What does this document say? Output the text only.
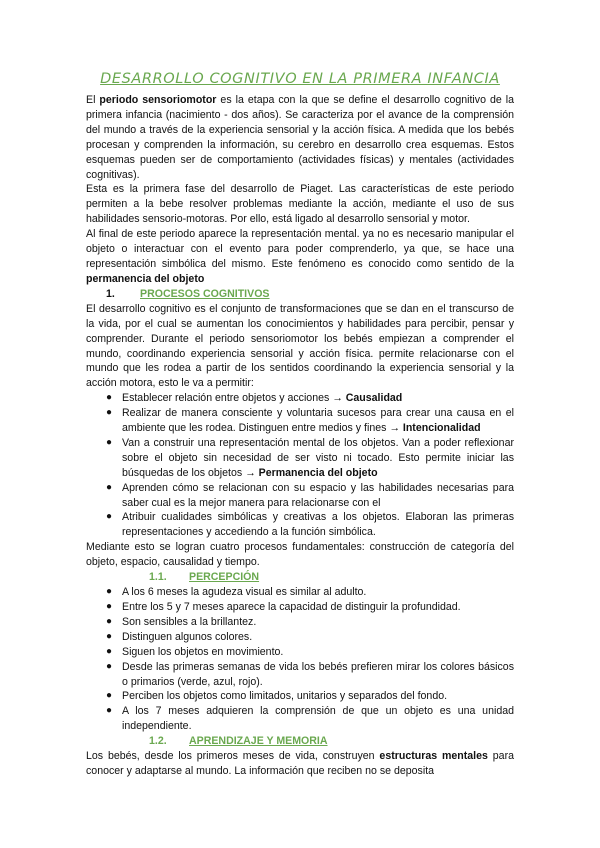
DESARROLLO COGNITIVO EN LA PRIMERA INFANCIA

El periodo sensoriomotor es la etapa con la que se define el desarrollo cognitivo de la primera infancia (nacimiento - dos años). Se caracteriza por el avance de la comprensión del mundo a través de la experiencia sensorial y la acción física. A medida que los bebés procesan y comprenden la información, su cerebro en desarrollo crea esquemas. Estos esquemas pueden ser de comportamiento (actividades físicas) y mentales (actividades cognitivas).

Esta es la primera fase del desarrollo de Piaget. Las características de este periodo permiten a la bebe resolver problemas mediante la acción, mediante el uso de sus habilidades sensorio-motoras. Por ello, está ligado al desarrollo sensorial y motor.

Al final de este periodo aparece la representación mental. ya no es necesario manipular el objeto o interactuar con el evento para poder comprenderlo, ya que, se hace una representación simbólica del mismo. Este fenómeno es conocido como sentido de la permanencia del objeto

1. PROCESOS COGNITIVOS

El desarrollo cognitivo es el conjunto de transformaciones que se dan en el transcurso de la vida, por el cual se aumentan los conocimientos y habilidades para percibir, pensar y comprender. Durante el periodo sensoriomotor los bebés empiezan a comprender el mundo, coordinando experiencia sensorial y acción física. permite relacionarse con el mundo que les rodea a partir de los sentidos coordinando la experiencia sensorial y la acción motora, esto le va a permitir:

● Establecer relación entre objetos y acciones → Causalidad
● Realizar de manera consciente y voluntaria sucesos para crear una causa en el ambiente que les rodea. Distinguen entre medios y fines → Intencionalidad
● Van a construir una representación mental de los objetos. Van a poder reflexionar sobre el objeto sin necesidad de ser visto ni tocado. Esto permite iniciar las búsquedas de los objetos → Permanencia del objeto
● Aprenden cómo se relacionan con su espacio y las habilidades necesarias para saber cual es la mejor manera para relacionarse con el
● Atribuir cualidades simbólicas y creativas a los objetos. Elaboran las primeras representaciones y accediendo a la función simbólica.

Mediante esto se logran cuatro procesos fundamentales: construcción de categoría del objeto, espacio, causalidad y tiempo.

1.1. PERCEPCIÓN
● A los 6 meses la agudeza visual es similar al adulto.
● Entre los 5 y 7 meses aparece la capacidad de distinguir la profundidad.
● Son sensibles a la brillantez.
● Distinguen algunos colores.
● Siguen los objetos en movimiento.
● Desde las primeras semanas de vida los bebés prefieren mirar los colores básicos o primarios (verde, azul, rojo).
● Perciben los objetos como limitados, unitarios y separados del fondo.
● A los 7 meses adquieren la comprensión de que un objeto es una unidad independiente.
1.2. APRENDIZAJE Y MEMORIA

Los bebés, desde los primeros meses de vida, construyen estructuras mentales para conocer y adaptarse al mundo. La información que reciben no se deposita
